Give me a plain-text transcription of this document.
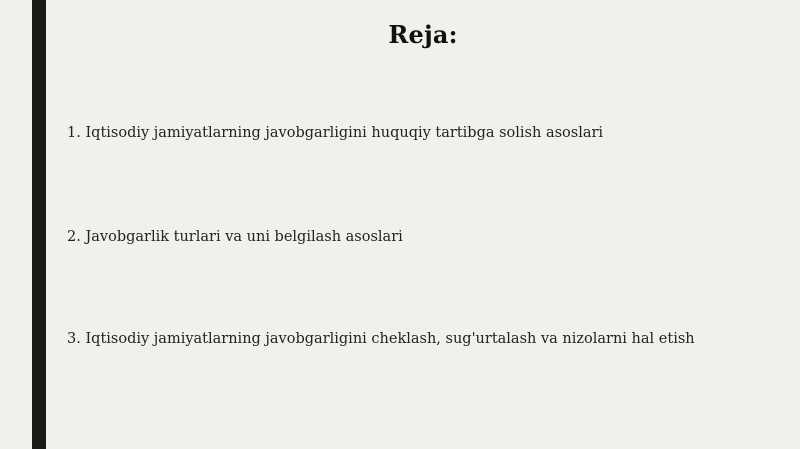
Reja:
1. Iqtisodiy jamiyatlarning javobgarligini huquqiy tartibga solish asoslari
2. Javobgarlik turlari va uni belgilash asoslari
3. Iqtisodiy jamiyatlarning javobgarligini cheklash, sug'urtalash va nizolarni hal etish
